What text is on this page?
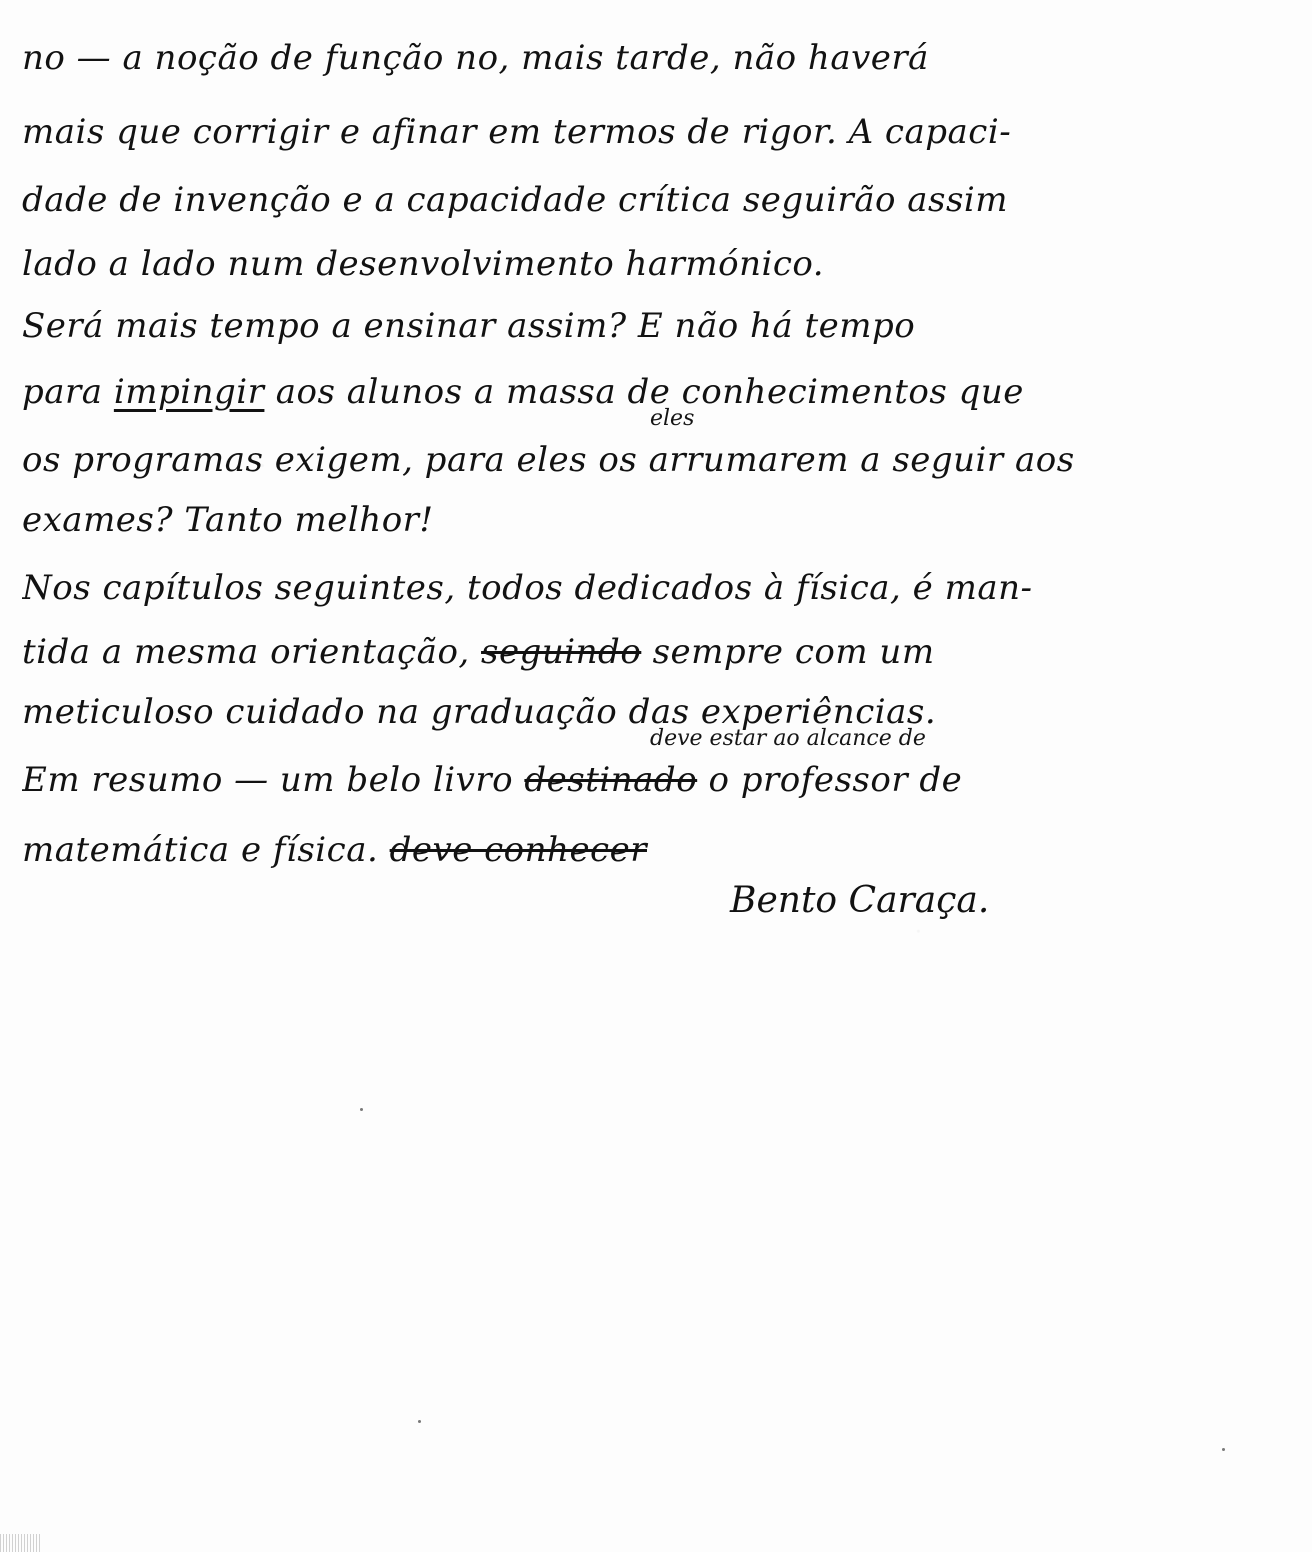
no — a noção de função no, mais tarde, não haverá
mais que corrigir e afinar em termos de rigor. A capaci-
dade de invenção e a capacidade crítica seguirão assim
lado a lado num desenvolvimento harmónico.
Será mais tempo a ensinar assim? E não há tempo
para impingir aos alunos a massa de conhecimentos que
eles
os programas exigem, para eles os arrumarem a seguir aos
exames? Tanto melhor!
Nos capítulos seguintes, todos dedicados à física, é man-
tida a mesma orientação, seguindo sempre com um
meticuloso cuidado na graduação das experiências.
deve estar ao alcance de
Em resumo — um belo livro destinado o professor de
matemática e física. deve conhecer
Bento Caraça.
